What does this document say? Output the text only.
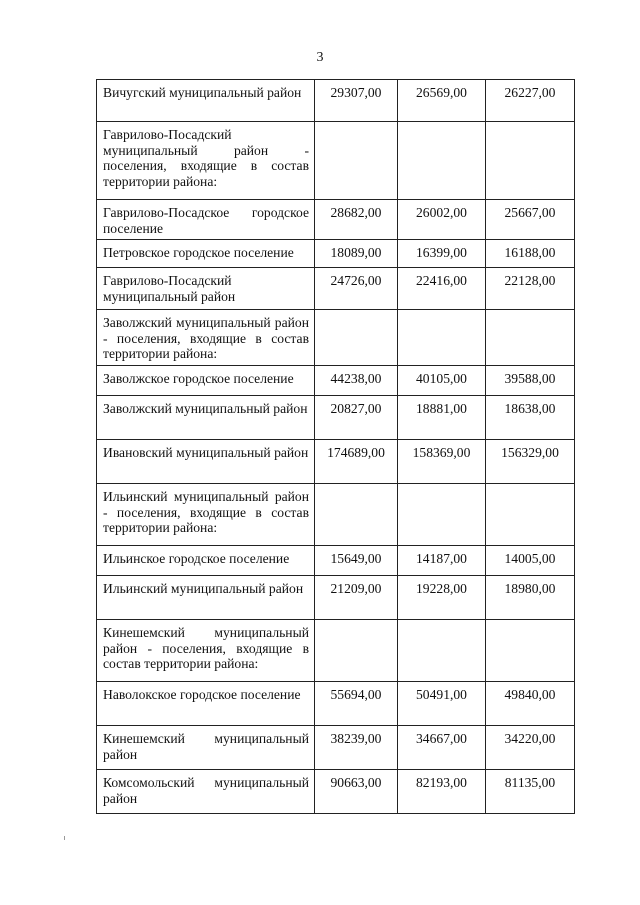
3
Вичугский муниципальный район	29307,00	26569,00	26227,00
Гаврилово-Посадский муниципальный район - поселения, входящие в состав территории района:			
Гаврилово-Посадское городское поселение	28682,00	26002,00	25667,00
Петровское городское поселение	18089,00	16399,00	16188,00
Гаврилово-Посадский муниципальный район	24726,00	22416,00	22128,00
Заволжский муниципальный район - поселения, входящие в состав территории района:			
Заволжское городское поселение	44238,00	40105,00	39588,00
Заволжский муниципальный район	20827,00	18881,00	18638,00
Ивановский муниципальный район	174689,00	158369,00	156329,00
Ильинский муниципальный район - поселения, входящие в состав территории района:			
Ильинское городское поселение	15649,00	14187,00	14005,00
Ильинский муниципальный район	21209,00	19228,00	18980,00
Кинешемский муниципальный район - поселения, входящие в состав территории района:			
Наволокское городское поселение	55694,00	50491,00	49840,00
Кинешемский муниципальный район	38239,00	34667,00	34220,00
Комсомольский муниципальный район	90663,00	82193,00	81135,00
